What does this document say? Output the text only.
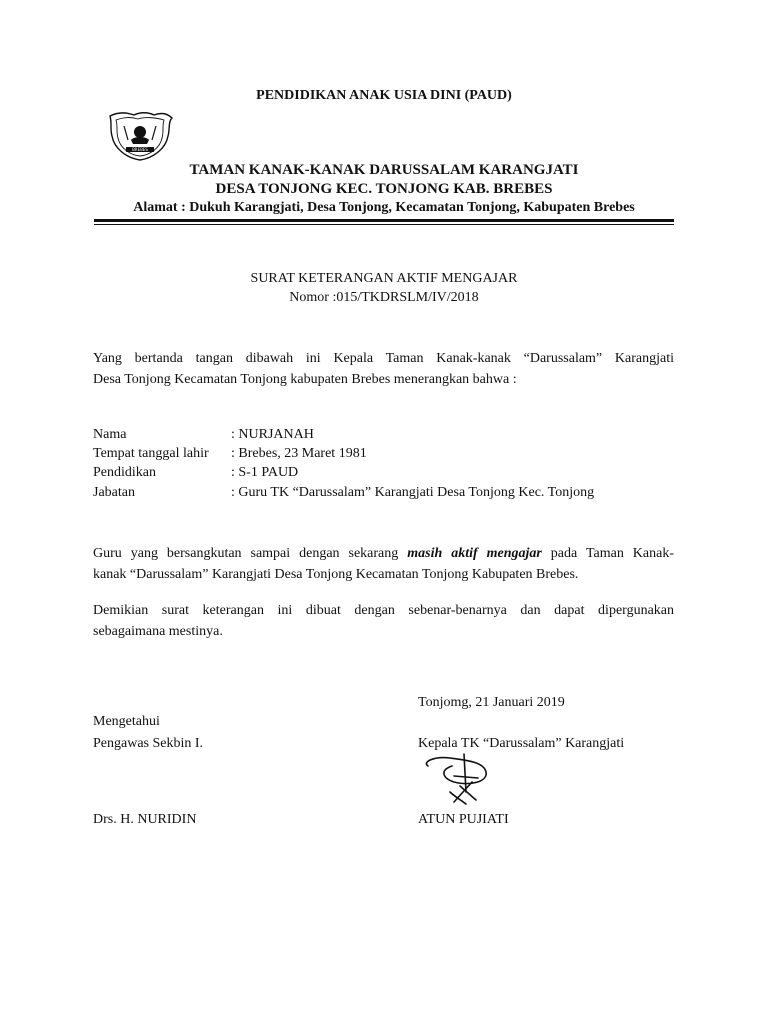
PENDIDIKAN ANAK USIA DINI (PAUD)
BREBES
TAMAN KANAK-KANAK DARUSSALAM KARANGJATI
DESA TONJONG KEC. TONJONG KAB. BREBES
Alamat : Dukuh Karangjati, Desa Tonjong, Kecamatan Tonjong, Kabupaten Brebes
SURAT KETERANGAN AKTIF MENGAJAR
Nomor :015/TKDRSLM/IV/2018
Yang bertanda tangan dibawah ini Kepala Taman Kanak-kanak “Darussalam” Karangjati
Desa Tonjong Kecamatan Tonjong kabupaten Brebes menerangkan bahwa :
Nama	: NURJANAH
Tempat tanggal lahir : Brebes, 23 Maret 1981
Pendidikan	: S-1 PAUD
Jabatan	: Guru TK “Darussalam” Karangjati Desa Tonjong Kec. Tonjong
Guru yang bersangkutan sampai dengan sekarang masih aktif mengajar pada Taman Kanak-
kanak “Darussalam” Karangjati Desa Tonjong Kecamatan Tonjong Kabupaten Brebes.
Demikian surat keterangan ini dibuat dengan sebenar-benarnya dan dapat dipergunakan
sebagaimana mestinya.
Tonjomg, 21 Januari 2019
Mengetahui
Pengawas Sekbin I.	Kepala TK “Darussalam” Karangjati
Drs. H. NURIDIN	ATUN PUJIATI
